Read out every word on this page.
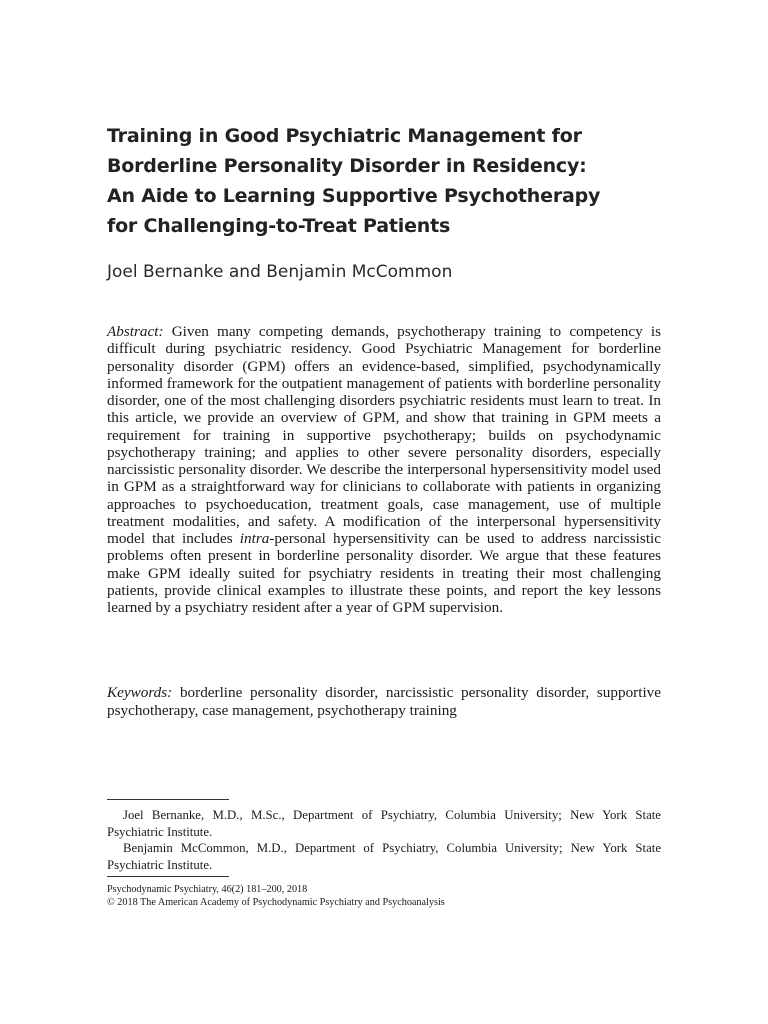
Training in Good Psychiatric Management for
Borderline Personality Disorder in Residency:
An Aide to Learning Supportive Psychotherapy
for Challenging-to-Treat Patients

Joel Bernanke and Benjamin McCommon

Abstract: Given many competing demands, psychotherapy training to competency is difficult during psychiatric residency. Good Psychiatric Management for borderline personality disorder (GPM) offers an evidence-based, simplified, psychodynamically informed framework for the outpatient management of patients with borderline personality disorder, one of the most challenging disorders psychiatric residents must learn to treat. In this article, we provide an overview of GPM, and show that training in GPM meets a requirement for training in supportive psychotherapy; builds on psychodynamic psychotherapy training; and applies to other severe personality disorders, especially narcissistic personality disorder. We describe the interpersonal hypersensitivity model used in GPM as a straightforward way for clinicians to collaborate with patients in organizing approaches to psychoeducation, treatment goals, case management, use of multiple treatment modalities, and safety. A modification of the interpersonal hypersensitivity model that includes intra-personal hypersensitivity can be used to address narcissistic problems often present in borderline personality disorder. We argue that these features make GPM ideally suited for psychiatry residents in treating their most challenging patients, provide clinical examples to illustrate these points, and report the key lessons learned by a psychiatry resident after a year of GPM supervision.

Keywords: borderline personality disorder, narcissistic personality disorder, supportive psychotherapy, case management, psychotherapy training

Joel Bernanke, M.D., M.Sc., Department of Psychiatry, Columbia University; New York State Psychiatric Institute.

Benjamin McCommon, M.D., Department of Psychiatry, Columbia University; New York State Psychiatric Institute.

Psychodynamic Psychiatry, 46(2) 181–200, 2018
© 2018 The American Academy of Psychodynamic Psychiatry and Psychoanalysis
